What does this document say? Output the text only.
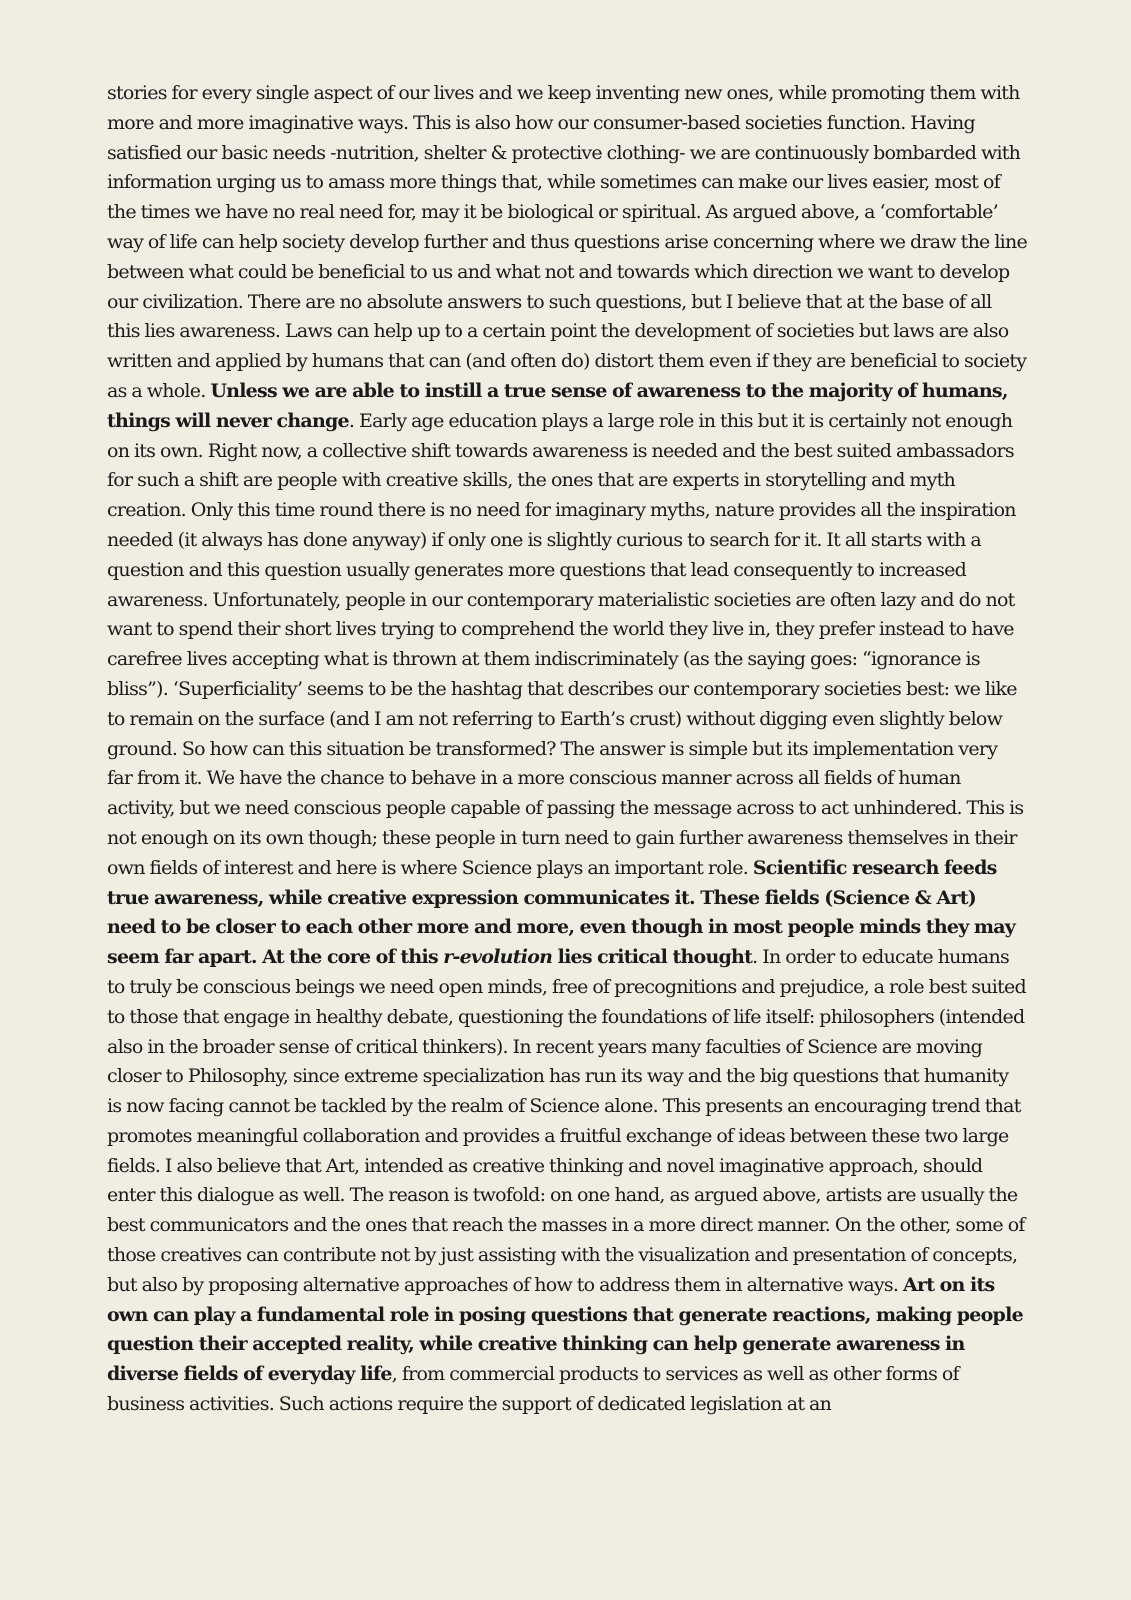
stories for every single aspect of our lives and we keep inventing new ones, while promoting them with more and more imaginative ways. This is also how our consumer-based societies function. Having satisfied our basic needs -nutrition, shelter & protective clothing- we are continuously bombarded with information urging us to amass more things that, while sometimes can make our lives easier, most of the times we have no real need for, may it be biological or spiritual. As argued above, a ‘comfortable’ way of life can help society develop further and thus questions arise concerning where we draw the line between what could be beneficial to us and what not and towards which direction we want to develop our civilization. There are no absolute answers to such questions, but I believe that at the base of all this lies awareness. Laws can help up to a certain point the development of societies but laws are also written and applied by humans that can (and often do) distort them even if they are beneficial to society as a whole. Unless we are able to instill a true sense of awareness to the majority of humans, things will never change. Early age education plays a large role in this but it is certainly not enough on its own. Right now, a collective shift towards awareness is needed and the best suited ambassadors for such a shift are people with creative skills, the ones that are experts in storytelling and myth creation. Only this time round there is no need for imaginary myths, nature provides all the inspiration needed (it always has done anyway) if only one is slightly curious to search for it. It all starts with a question and this question usually generates more questions that lead consequently to increased awareness. Unfortunately, people in our contemporary materialistic societies are often lazy and do not want to spend their short lives trying to comprehend the world they live in, they prefer instead to have carefree lives accepting what is thrown at them indiscriminately (as the saying goes: “ignorance is bliss”). ‘Superficiality’ seems to be the hashtag that describes our contemporary societies best: we like to remain on the surface (and I am not referring to Earth’s crust) without digging even slightly below ground. So how can this situation be transformed? The answer is simple but its implementation very far from it. We have the chance to behave in a more conscious manner across all fields of human activity, but we need conscious people capable of passing the message across to act unhindered. This is not enough on its own though; these people in turn need to gain further awareness themselves in their own fields of interest and here is where Science plays an important role. Scientific research feeds true awareness, while creative expression communicates it. These fields (Science & Art) need to be closer to each other more and more, even though in most people minds they may seem far apart. At the core of this r-evolution lies critical thought. In order to educate humans to truly be conscious beings we need open minds, free of precognitions and prejudice, a role best suited to those that engage in healthy debate, questioning the foundations of life itself: philosophers (intended also in the broader sense of critical thinkers). In recent years many faculties of Science are moving closer to Philosophy, since extreme specialization has run its way and the big questions that humanity is now facing cannot be tackled by the realm of Science alone. This presents an encouraging trend that promotes meaningful collaboration and provides a fruitful exchange of ideas between these two large fields. I also believe that Art, intended as creative thinking and novel imaginative approach, should enter this dialogue as well. The reason is twofold: on one hand, as argued above, artists are usually the best communicators and the ones that reach the masses in a more direct manner. On the other, some of those creatives can contribute not by just assisting with the visualization and presentation of concepts, but also by proposing alternative approaches of how to address them in alternative ways. Art on its own can play a fundamental role in posing questions that generate reactions, making people question their accepted reality, while creative thinking can help generate awareness in diverse fields of everyday life, from commercial products to services as well as other forms of business activities. Such actions require the support of dedicated legislation at an
